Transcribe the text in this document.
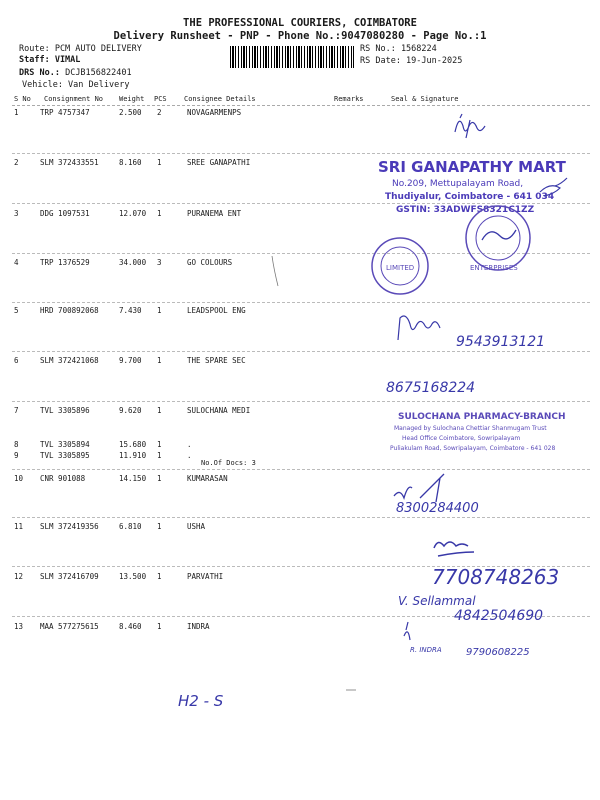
THE PROFESSIONAL COURIERS, COIMBATORE
Delivery Runsheet - PNP - Phone No.:9047080280 - Page No.:1
Route: PCM AUTO DELIVERY
Staff: VIMAL
DRS No.: DCJB156822401
Vehicle: Van Delivery
RS No.: 1568224
RS Date: 19-Jun-2025
S No Consignment No Weight PCS Consignee Details	Remarks	Seal & Signature
1	TRP 4757347	2.500 2	NOVAGARMENPS
2	SLM 372433551	8.160 1	SREE GANAPATHI
3	DDG 1097531	12.070 1	PURANEMA ENT
4	TRP 1376529	34.000 3	GO COLOURS
5	HRD 700892068	7.430 1	LEADSPOOL ENG
6	SLM 372421068	9.700 1	THE SPARE SEC
7	TVL 3305896	9.620 1	SULOCHANA MEDI
8	TVL 3305894	15.680 1	.
9	TVL 3305895	11.910 1	.
10 CNR 901088	14.150 1	KUMARASAN
11 SLM 372419356	6.810 1	USHA
12 SLM 372416709	13.500 1	PARVATHI
13 MAA 577275615	8.460 1	INDRA
No.Of Docs: 3
SRI GANAPATHY MART
No.209, Mettupalayam Road,
Thudiyalur, Coimbatore - 641 034
GSTIN: 33ADWFS8321C1ZZ
LIMITED	ENTERPRISES
9543913121
8675168224
SULOCHANA PHARMACY-BRANCH
Managed by Sulochana Chettiar Shanmugam Trust
Head Office Coimbatore, Sowripalayam
Puliakulam Road, Sowripalayam, Coimbatore - 641 028
8300284400
7708748263
V. Sellammal
4842504690
R. INDRA 9790608225
H2 - S
